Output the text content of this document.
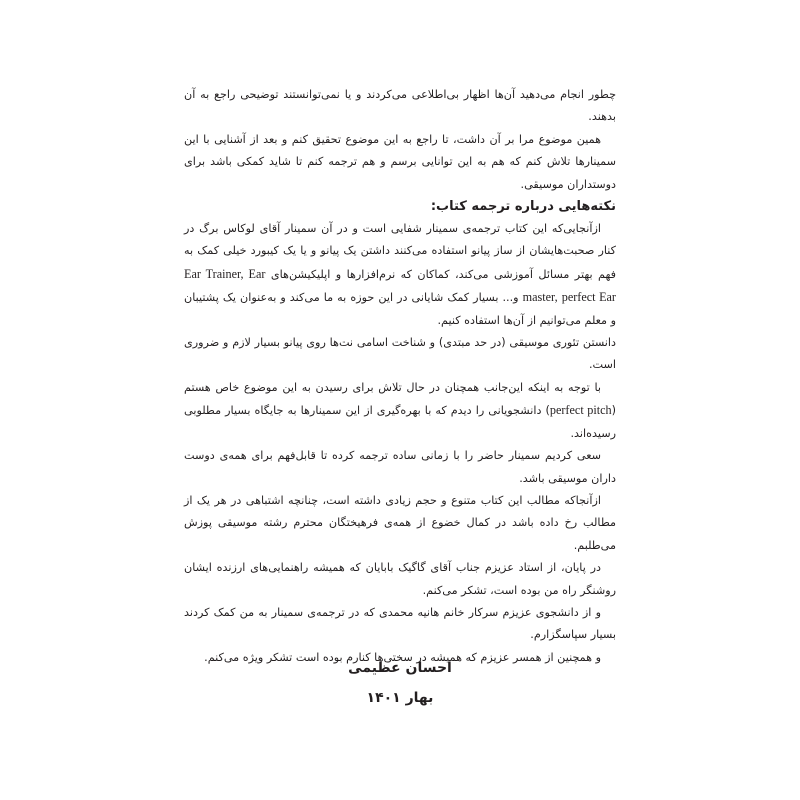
چطور انجام می‌دهید آن‌ها اظهار بی‌اطلاعی می‌کردند و یا نمی‌توانستند توضیحی راجع به آن بدهند.

همین موضوع مرا بر آن داشت، تا راجع به این موضوع تحقیق کنم و بعد از آشنایی با این سمینارها تلاش کنم که هم به این توانایی برسم و هم ترجمه کنم تا شاید کمکی باشد برای دوستداران موسیقی.

نکته‌هایی درباره ترجمه کتاب:

ازآنجایی‌که این کتاب ترجمه‌ی سمینار شفایی است و در آن سمینار آقای لوکاس برگ در کنار صحبت‌هایشان از ساز پیانو استفاده می‌کنند داشتن یک پیانو و یا یک کیبورد خیلی کمک به فهم بهتر مسائل آموزشی می‌کند، کماکان که نرم‌افزارها و اپلیکیشن‌های Ear Trainer, Ear master, perfect Ear و... بسیار کمک شایانی در این حوزه به ما می‌کند و به‌عنوان یک پشتیبان و معلم می‌توانیم از آن‌ها استفاده کنیم.

دانستن تئوری موسیقی (در حد مبتدی) و شناخت اسامی نت‌ها روی پیانو بسیار لازم و ضروری است.

با توجه به اینکه این‌جانب همچنان در حال تلاش برای رسیدن به این موضوع خاص هستم (perfect pitch) دانشجویانی را دیدم که با بهره‌گیری از این سمینارها به جایگاه بسیار مطلوبی رسیده‌اند.

سعی کردیم سمینار حاضر را با زمانی ساده ترجمه کرده تا قابل‌فهم برای همه‌ی دوست داران موسیقی باشد.

ازآنجاکه مطالب این کتاب متنوع و حجم زیادی داشته است، چنانچه اشتباهی در هر یک از مطالب رخ داده باشد در کمال خضوع از همه‌ی فرهیختگان محترم رشته موسیقی پوزش می‌طلبم.

در پایان، از استاد عزیزم جناب آقای گاگیک بابایان که همیشه راهنمایی‌های ارزنده ایشان روشنگر راه من بوده است، تشکر می‌کنم.

و از دانشجوی عزیزم سرکار خانم هانیه محمدی که در ترجمه‌ی سمینار به من کمک کردند بسیار سپاسگزارم.

و همچنین از همسر عزیزم که همیشه در سختی‌ها کنارم بوده است تشکر ویژه می‌کنم.

احسان عظیمی
بهار ۱۴۰۱
